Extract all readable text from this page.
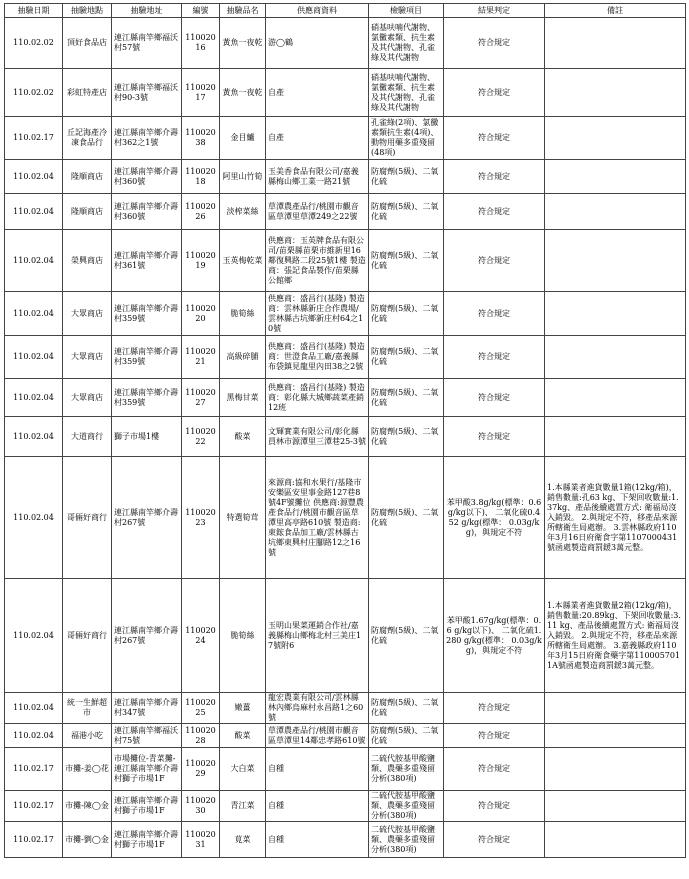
抽驗日期	抽驗地點	抽驗地址	編號	抽驗品名	供應商資料	檢驗項目	結果判定	備註
110.02.02	頂好食品店	連江縣南竿鄉福沃村57號	11002016	黃魚一夜乾	游◯鶴	硝基呋喃代謝物、氯黴素類、抗生素及其代謝物、孔雀綠及其代謝物	符合規定	
110.02.02	彩虹特產店	連江縣南竿鄉福沃村90-3號	11002017	黃魚一夜乾	自產	硝基呋喃代謝物、氯黴素類、抗生素及其代謝物、孔雀綠及其代謝物	符合規定	
110.02.17	丘記海產冷凍食品行	連江縣南竿鄉介壽村362之1號	11002038	金目鱸	自產	孔雀綠(2項)、氯黴素類抗生素(4項)、動物用藥多重殘留(48項)	符合規定	
110.02.04	隆順商店	連江縣南竿鄉介壽村360號	11002018	阿里山竹筍	玉美香食品有限公司/嘉義縣梅山鄉工業一路21號	防腐劑(5級)、二氧化硫	符合規定	
110.02.04	隆順商店	連江縣南竿鄉介壽村360號	11002026	淡榨菜絲	草潭農產品行/桃園市觀音區草潭里草潭249之22號	防腐劑(5級)、二氧化硫	符合規定	
110.02.04	榮興商店	連江縣南竿鄉介壽村361號	11002019	玉英梅乾菜	供應商：玉英牌食品有限公司/苗栗縣苗栗市維新里16鄰復興路二段25號1樓 製造商：張記食品製作/苗栗縣公館鄉	防腐劑(5級)、二氧化硫	符合規定	
110.02.04	大眾商店	連江縣南竿鄉介壽村359號	11002020	脆筍絲	供應商：盛昌行(基隆) 製造商：雲林縣新庄合作農場/雲林縣古坑鄉新庄村64之10號	防腐劑(5級)、二氧化硫	符合規定	
110.02.04	大眾商店	連江縣南竿鄉介壽村359號	11002021	高級碎脯	供應商：盛昌行(基隆) 製造商：世澄食品工廠/嘉義縣布袋鎮見龍里內田38之2號	防腐劑(5級)、二氧化硫	符合規定	
110.02.04	大眾商店	連江縣南竿鄉介壽村359號	11002027	黑梅甘菜	供應商：盛昌行(基隆) 製造商：彰化縣大城鄉蔬菜產銷12班	防腐劑(5級)、二氧化硫	符合規定	
110.02.04	大道商行	獅子市場1樓	11002022	酸菜	文輝實業有限公司/彰化縣員林市源潭里三潭巷25-3號	防腐劑(5級)、二氧化硫	符合規定	
110.02.04	哥倆好商行	連江縣南竿鄉介壽村267號	11002023	特選筍茸	來源商:協和水果行/基隆市安樂區安里事金路127巷8號4F號攤位 供應商:源豐農產食品行/桃園市觀音區草潭里高亭路610號 製造商:東鋐食品加工廠/雲林縣古坑鄉東興村庄腳路12之16號	防腐劑(5級)、二氧化硫	苯甲酸3.8g/kg(標準：0.6 g/kg以下)、 二氧化硫0.452 g/kg(標準： 0.03g/kg)，與規定不符	1.本縣業者進貨數量1箱(12kg/箱)，銷售數量:孔63 kg、下架回收數量:1.37kg、產品後續處置方式: 衛福局沒入銷毀。 2.與規定不符，移產品來源所轄衛生局處辦。 3.雲林縣政府110年3月16日府衛食字第1107000431號函處製造商罰鍰3萬元整。
110.02.04	哥倆好商行	連江縣南竿鄉介壽村267號	11002024	脆筍絲	玉明山果菜運銷合作社/嘉義縣梅山鄉梅北村三美庄17號附6	防腐劑(5級)、二氧化硫	苯甲酸1.67g/kg(標準：0.6 g/kg以下)、 二氧化硫1.280 g/kg(標準： 0.03g/kg)，與規定不符	1.本縣業者進貨數量2箱(12kg/箱)，銷售數量:20.89kg、下架回收數量:3.11 kg、產品後續處置方式: 衛福局沒入銷毀。 2.與規定不符，移產品來源所轄衛生局處辦。 3.嘉義縣政府110年3月15日府衛食藥字第1100057011A號函處製造商罰鍰3萬元整。
110.02.04	統一生鮮超市	連江縣南竿鄉介壽村347號	11002025	嫩薑	龍宏農業有限公司/雲林縣林內鄉烏麻村永昌路1之60號	防腐劑(5級)、二氧化硫	符合規定	
110.02.04	福港小吃	連江縣南竿鄉福沃村75號	11002028	酸菜	草潭農產品行/桃園市觀音區草潭里14鄰忠孝路610號	防腐劑(5級)、二氧化硫	符合規定	
110.02.17	市攤-姜◯花	市場攤位-青菜攤-連江縣南竿鄉介壽村獅子市場1F	11002029	大白菜	自種	二硫代胺基甲酸鹽類、農藥多重殘留分析(380項)	符合規定	
110.02.17	市攤-陳◯金	連江縣南竿鄉介壽村獅子市場1F	11002030	青江菜	自種	二硫代胺基甲酸鹽類、農藥多重殘留分析(380項)	符合規定	
110.02.17	市攤-劉◯金	連江縣南竿鄉介壽村獅子市場1F	11002031	莧菜	自種	二硫代胺基甲酸鹽類、農藥多重殘留分析(380項)	符合規定	
